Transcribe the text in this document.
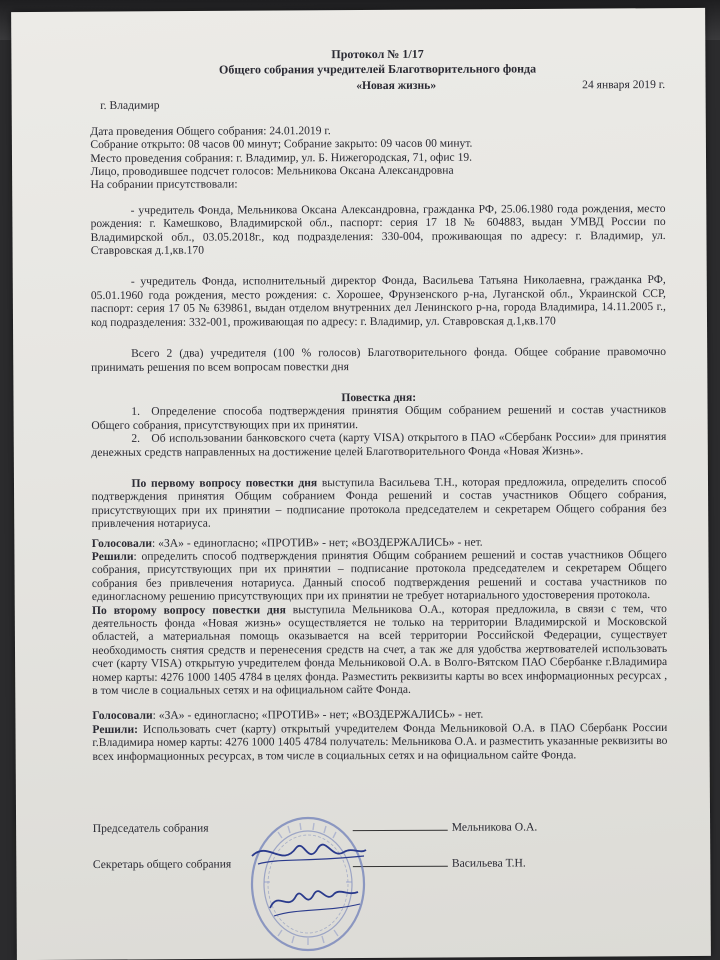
Протокол № 1/17
Общего собрания учредителей Благотворительного фонда
«Новая жизнь»	24 января 2019 г.
г. Владимир
Дата проведения Общего собрания: 24.01.2019 г.
Собрание открыто: 08 часов 00 минут; Собрание закрыто: 09 часов 00 минут.
Место проведения собрания: г. Владимир, ул. Б. Нижегородская, 71, офис 19.
Лицо, проводившее подсчет голосов: Мельникова Оксана Александровна
На собрании присутствовали:
- учредитель Фонда, Мельникова Оксана Александровна, гражданка РФ, 25.06.1980 года рождения, место рождения: г. Камешково, Владимирской обл., паспорт: серия 17 18 № 604883, выдан УМВД России по Владимирской обл., 03.05.2018г., код подразделения: 330-004, проживающая по адресу: г. Владимир, ул. Ставровская д.1,кв.170
- учредитель Фонда, исполнительный директор Фонда, Васильева Татьяна Николаевна, гражданка РФ, 05.01.1960 года рождения, место рождения: с. Хорошее, Фрунзенского р-на, Луганской обл., Украинской ССР, паспорт: серия 17 05 № 639861, выдан отделом внутренних дел Ленинского р-на, города Владимира, 14.11.2005 г., код подразделения: 332-001, проживающая по адресу: г. Владимир, ул. Ставровская д.1,кв.170
Всего 2 (два) учредителя (100 % голосов) Благотворительного фонда. Общее собрание правомочно принимать решения по всем вопросам повестки дня
Повестка дня:
1. Определение способа подтверждения принятия Общим собранием решений и состав участников Общего собрания, присутствующих при их принятии.
2. Об использовании банковского счета (карту VISA) открытого в ПАО «Сбербанк России» для принятия денежных средств направленных на достижение целей Благотворительного Фонда «Новая Жизнь».
По первому вопросу повестки дня выступила Васильева Т.Н., которая предложила, определить способ подтверждения принятия Общим собранием Фонда решений и состав участников Общего собрания, присутствующих при их принятии – подписание протокола председателем и секретарем Общего собрания без привлечения нотариуса.
Голосовали: «ЗА» - единогласно; «ПРОТИВ» - нет; «ВОЗДЕРЖАЛИСЬ» - нет.
Решили: определить способ подтверждения принятия Общим собранием решений и состав участников Общего собрания, присутствующих при их принятии – подписание протокола председателем и секретарем Общего собрания без привлечения нотариуса. Данный способ подтверждения решений и состава участников по единогласному решению присутствующих при их принятии не требует нотариального удостоверения протокола.
По второму вопросу повестки дня выступила Мельникова О.А., которая предложила, в связи с тем, что деятельность фонда «Новая жизнь» осуществляется не только на территории Владимирской и Московской областей, а материальная помощь оказывается на всей территории Российской Федерации, существует необходимость снятия средств и перенесения средств на счет, а так же для удобства жертвователей использовать счет (карту VISA) открытую учредителем фонда Мельниковой О.А. в Волго-Вятском ПАО Сбербанке г.Владимира номер карты: 4276 1000 1405 4784 в целях фонда. Разместить реквизиты карты во всех информационных ресурсах , в том числе в социальных сетях и на официальном сайте Фонда.
Голосовали: «ЗА» - единогласно; «ПРОТИВ» - нет; «ВОЗДЕРЖАЛИСЬ» - нет.
Решили: Использовать счет (карту) открытый учредителем Фонда Мельниковой О.А. в ПАО Сбербанк России г.Владимира номер карты: 4276 1000 1405 4784 получатель: Мельникова О.А. и разместить указанные реквизиты во всех информационных ресурсах, в том числе в социальных сетях и на официальном сайте Фонда.
Председатель собрания	Мельникова О.А.
Секретарь общего собрания	Васильева Т.Н.
